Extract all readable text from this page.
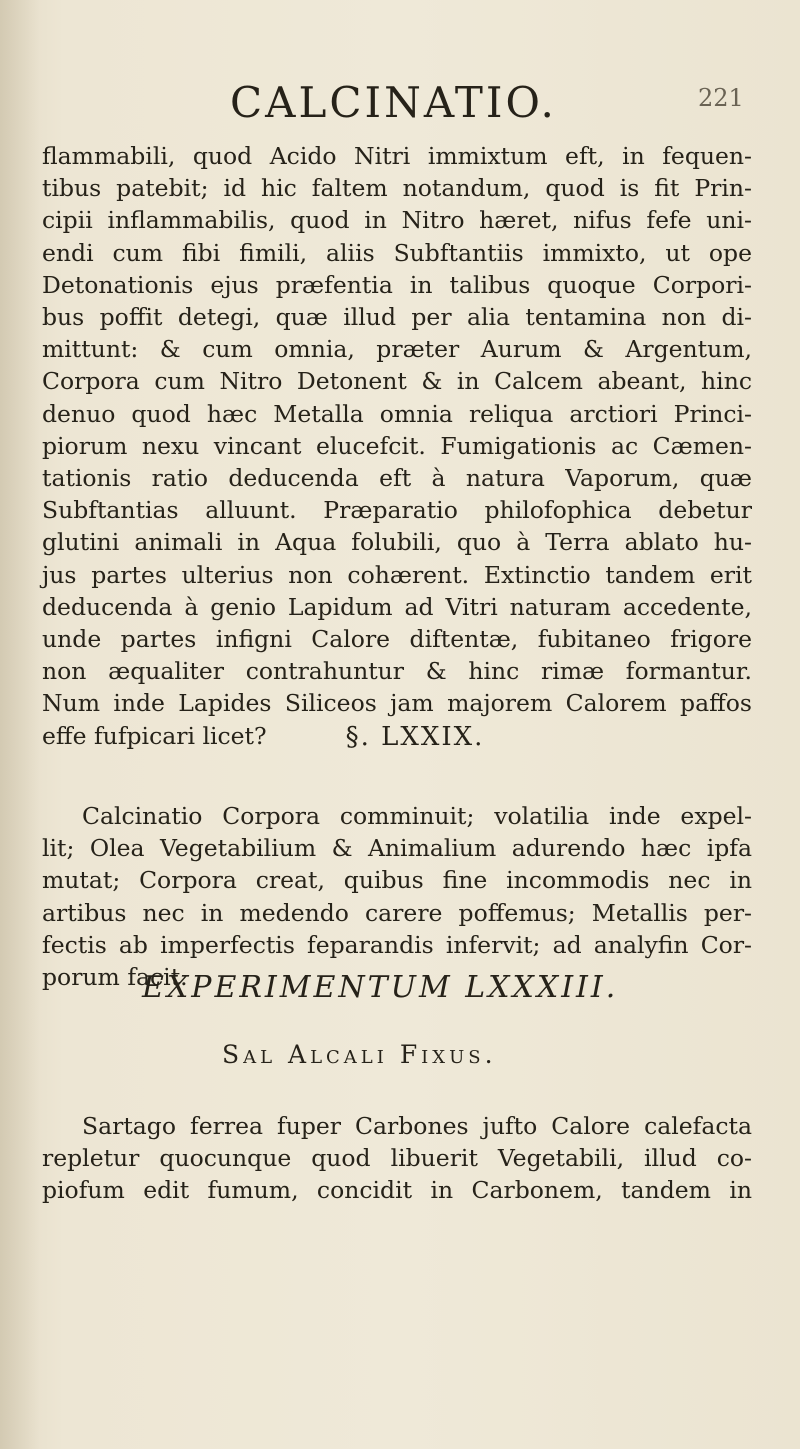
CALCINATIO.	221
flammabili, quod Acido Nitri immixtum eft, in fequen-
tibus patebit; id hic faltem notandum, quod is fit Prin-
cipii inflammabilis, quod in Nitro hæret, nifus fefe uni-
endi cum fibi fimili, aliis Subftantiis immixto, ut ope
Detonationis ejus præfentia in talibus quoque Corpori-
bus poffit detegi, quæ illud per alia tentamina non di-
mittunt: & cum omnia, præter Aurum & Argentum,
Corpora cum Nitro Detonent & in Calcem abeant, hinc
denuo quod hæc Metalla omnia reliqua arctiori Princi-
piorum nexu vincant elucefcit. Fumigationis ac Cæmen-
tationis ratio deducenda eft à natura Vaporum, quæ
Subftantias alluunt. Præparatio philofophica debetur
glutini animali in Aqua folubili, quo à Terra ablato hu-
jus partes ulterius non cohærent. Extinctio tandem erit
deducenda à genio Lapidum ad Vitri naturam accedente,
unde partes infigni Calore diftentæ, fubitaneo frigore
non æqualiter contrahuntur & hinc rimæ formantur.
Num inde Lapides Siliceos jam majorem Calorem paffos
effe fufpicari licet?	§. LXXIX.
Calcinatio Corpora comminuit; volatilia inde expel-
lit; Olea Vegetabilium & Animalium adurendo hæc ipfa
mutat; Corpora creat, quibus fine incommodis nec in
artibus nec in medendo carere poffemus; Metallis per-
fectis ab imperfectis feparandis infervit; ad analyfin Cor-
porum facit.
EXPERIMENTUM LXXXIII.
Sal Alcali Fixus.
Sartago ferrea fuper Carbones jufto Calore calefacta
repletur quocunque quod libuerit Vegetabili, illud co-
piofum edit fumum, concidit in Carbonem, tandem in
